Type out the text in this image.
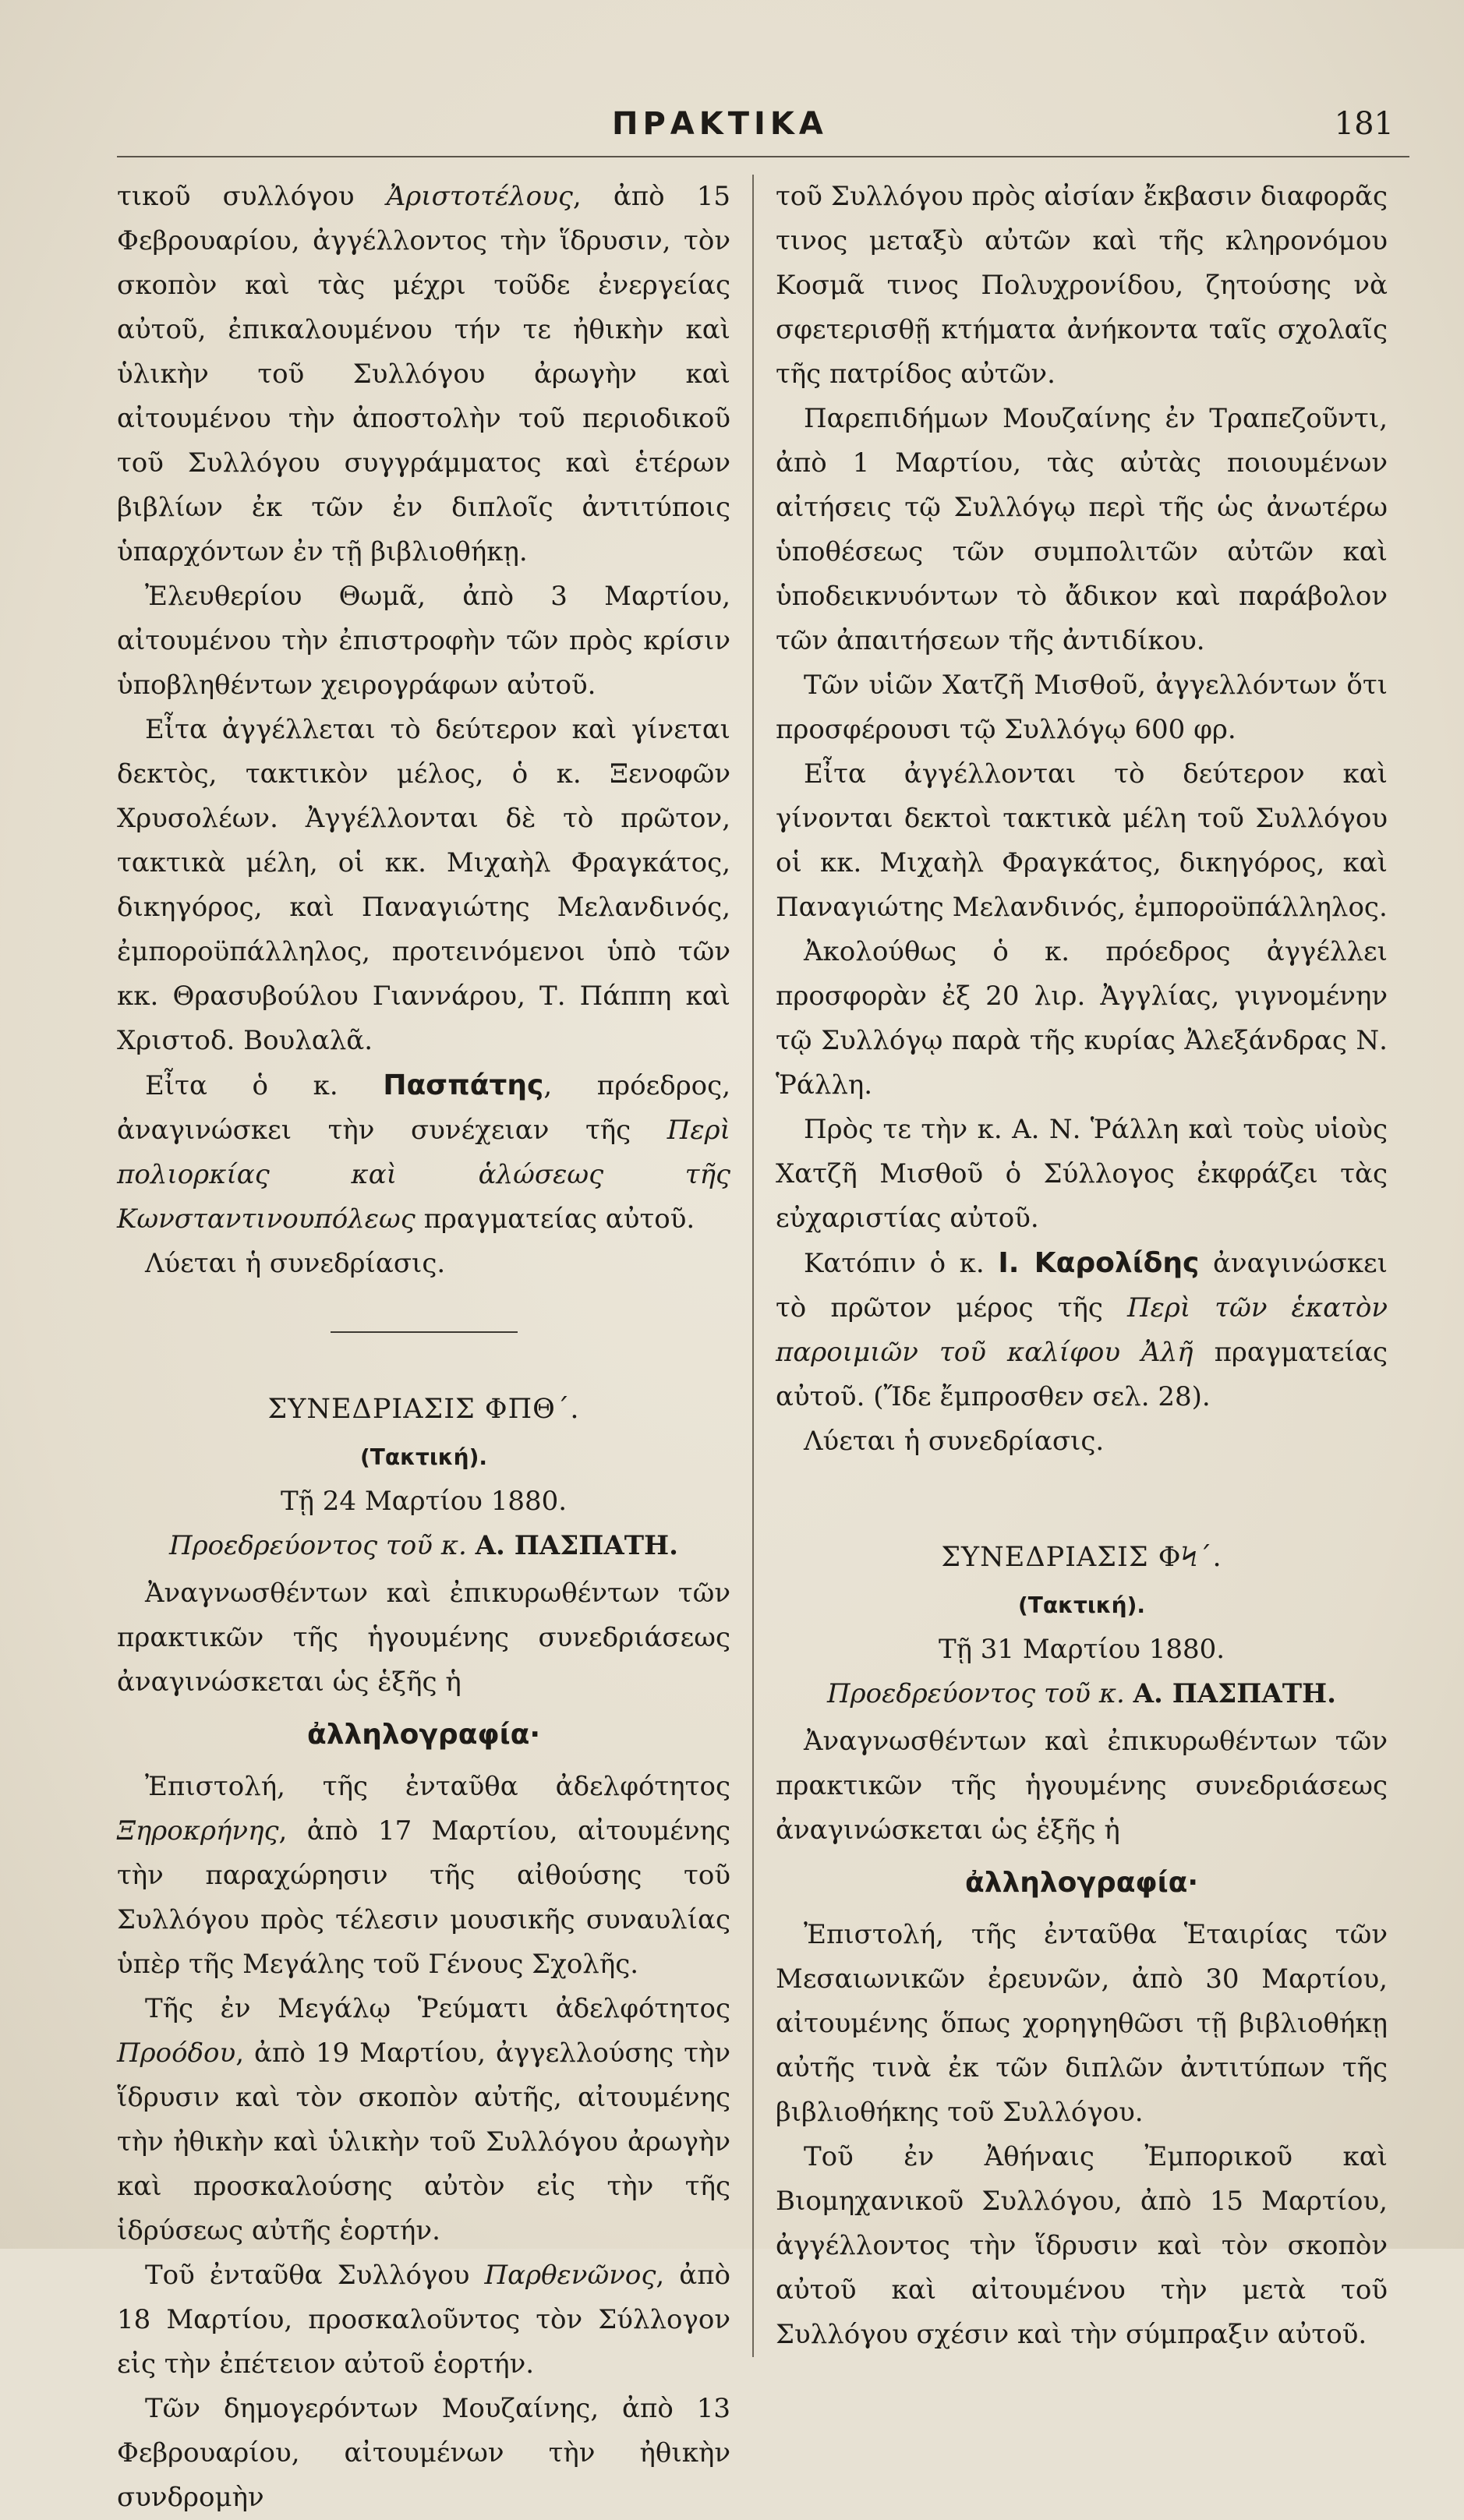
ΠΡΑΚΤΙΚΑ	181

τικοῦ συλλόγου Ἀριστοτέλους, ἀπὸ 15 Φεβρουαρίου, ἀγγέλλοντος τὴν ἵδρυσιν, τὸν σκοπὸν καὶ τὰς μέχρι τοῦδε ἐνεργείας αὐτοῦ, ἐπικαλουμένου τήν τε ἠθικὴν καὶ ὑλικὴν τοῦ Συλλόγου ἀρωγὴν καὶ αἰτουμένου τὴν ἀποστολὴν τοῦ περιοδικοῦ τοῦ Συλλόγου συγγράμματος καὶ ἑτέρων βιβλίων ἐκ τῶν ἐν διπλοῖς ἀντιτύποις ὑπαρχόντων ἐν τῇ βιβλιοθήκῃ.

Ἐλευθερίου Θωμᾶ, ἀπὸ 3 Μαρτίου, αἰτουμένου τὴν ἐπιστροφὴν τῶν πρὸς κρίσιν ὑποβληθέντων χειρογράφων αὐτοῦ.

Εἶτα ἀγγέλλεται τὸ δεύτερον καὶ γίνεται δεκτὸς, τακτικὸν μέλος, ὁ κ. Ξενοφῶν Χρυσολέων. Ἀγγέλλονται δὲ τὸ πρῶτον, τακτικὰ μέλη, οἱ κκ. Μιχαὴλ Φραγκάτος, δικηγόρος, καὶ Παναγιώτης Μελανδινός, ἐμποροϋπάλληλος, προτεινόμενοι ὑπὸ τῶν κκ. Θρασυβούλου Γιαννάρου, Τ. Πάππη καὶ Χριστοδ. Βουλαλᾶ.

Εἶτα ὁ κ. Πασπάτης, πρόεδρος, ἀναγινώσκει τὴν συνέχειαν τῆς Περὶ πολιορκίας καὶ ἁλώσεως τῆς Κωνσταντινουπόλεως πραγματείας αὐτοῦ.

Λύεται ἡ συνεδρίασις.

ΣΥΝΕΔΡΙΑΣΙΣ ΦΠΘ΄.

(Τακτική).

Τῇ 24 Μαρτίου 1880.

Προεδρεύοντος τοῦ κ. Α. ΠΑΣΠΑΤΗ.

Ἀναγνωσθέντων καὶ ἐπικυρωθέντων τῶν πρακτικῶν τῆς ἡγουμένης συνεδριάσεως ἀναγινώσκεται ὡς ἑξῆς ἡ

ἀλληλογραφία·

Ἐπιστολή, τῆς ἐνταῦθα ἀδελφότητος Ξηροκρήνης, ἀπὸ 17 Μαρτίου, αἰτουμένης τὴν παραχώρησιν τῆς αἰθούσης τοῦ Συλλόγου πρὸς τέλεσιν μουσικῆς συναυλίας ὑπὲρ τῆς Μεγάλης τοῦ Γένους Σχολῆς.

Τῆς ἐν Μεγάλῳ Ῥεύματι ἀδελφότητος Προόδου, ἀπὸ 19 Μαρτίου, ἀγγελλούσης τὴν ἵδρυσιν καὶ τὸν σκοπὸν αὐτῆς, αἰτουμένης τὴν ἠθικὴν καὶ ὑλικὴν τοῦ Συλλόγου ἀρωγὴν καὶ προσκαλούσης αὐτὸν εἰς τὴν τῆς ἱδρύσεως αὐτῆς ἑορτήν.

Τοῦ ἐνταῦθα Συλλόγου Παρθενῶνος, ἀπὸ 18 Μαρτίου, προσκαλοῦντος τὸν Σύλλογον εἰς τὴν ἐπέτειον αὐτοῦ ἑορτήν.

Τῶν δημογερόντων Μουζαίνης, ἀπὸ 13 Φεβρουαρίου, αἰτουμένων τὴν ἠθικὴν συνδρομὴν

τοῦ Συλλόγου πρὸς αἰσίαν ἔκβασιν διαφορᾶς τινος μεταξὺ αὐτῶν καὶ τῆς κληρονόμου Κοσμᾶ τινος Πολυχρονίδου, ζητούσης νὰ σφετερισθῇ κτήματα ἀνήκοντα ταῖς σχολαῖς τῆς πατρίδος αὐτῶν.

Παρεπιδήμων Μουζαίνης ἐν Τραπεζοῦντι, ἀπὸ 1 Μαρτίου, τὰς αὐτὰς ποιουμένων αἰτήσεις τῷ Συλλόγῳ περὶ τῆς ὡς ἀνωτέρω ὑποθέσεως τῶν συμπολιτῶν αὐτῶν καὶ ὑποδεικνυόντων τὸ ἄδικον καὶ παράβολον τῶν ἀπαιτήσεων τῆς ἀντιδίκου.

Τῶν υἱῶν Χατζῆ Μισθοῦ, ἀγγελλόντων ὅτι προσφέρουσι τῷ Συλλόγῳ 600 φρ.

Εἶτα ἀγγέλλονται τὸ δεύτερον καὶ γίνονται δεκτοὶ τακτικὰ μέλη τοῦ Συλλόγου οἱ κκ. Μιχαὴλ Φραγκάτος, δικηγόρος, καὶ Παναγιώτης Μελανδινός, ἐμποροϋπάλληλος.

Ἀκολούθως ὁ κ. πρόεδρος ἀγγέλλει προσφορὰν ἐξ 20 λιρ. Ἀγγλίας, γιγνομένην τῷ Συλλόγῳ παρὰ τῆς κυρίας Ἀλεξάνδρας Ν. Ῥάλλη.

Πρὸς τε τὴν κ. Α. Ν. Ῥάλλη καὶ τοὺς υἱοὺς Χατζῆ Μισθοῦ ὁ Σύλλογος ἐκφράζει τὰς εὐχαριστίας αὐτοῦ.

Κατόπιν ὁ κ. Ι. Καρολίδης ἀναγινώσκει τὸ πρῶτον μέρος τῆς Περὶ τῶν ἑκατὸν παροιμιῶν τοῦ καλίφου Ἀλῆ πραγματείας αὐτοῦ. (Ἴδε ἔμπροσθεν σελ. 28).

Λύεται ἡ συνεδρίασις.

ΣΥΝΕΔΡΙΑΣΙΣ ΦϞ΄.

(Τακτική).

Τῇ 31 Μαρτίου 1880.

Προεδρεύοντος τοῦ κ. Α. ΠΑΣΠΑΤΗ.

Ἀναγνωσθέντων καὶ ἐπικυρωθέντων τῶν πρακτικῶν τῆς ἡγουμένης συνεδριάσεως ἀναγινώσκεται ὡς ἑξῆς ἡ

ἀλληλογραφία·

Ἐπιστολή, τῆς ἐνταῦθα Ἑταιρίας τῶν Μεσαιωνικῶν ἐρευνῶν, ἀπὸ 30 Μαρτίου, αἰτουμένης ὅπως χορηγηθῶσι τῇ βιβλιοθήκῃ αὐτῆς τινὰ ἐκ τῶν διπλῶν ἀντιτύπων τῆς βιβλιοθήκης τοῦ Συλλόγου.

Τοῦ ἐν Ἀθήναις Ἐμπορικοῦ καὶ Βιομηχανικοῦ Συλλόγου, ἀπὸ 15 Μαρτίου, ἀγγέλλοντος τὴν ἵδρυσιν καὶ τὸν σκοπὸν αὐτοῦ καὶ αἰτουμένου τὴν μετὰ τοῦ Συλλόγου σχέσιν καὶ τὴν σύμπραξιν αὐτοῦ.
